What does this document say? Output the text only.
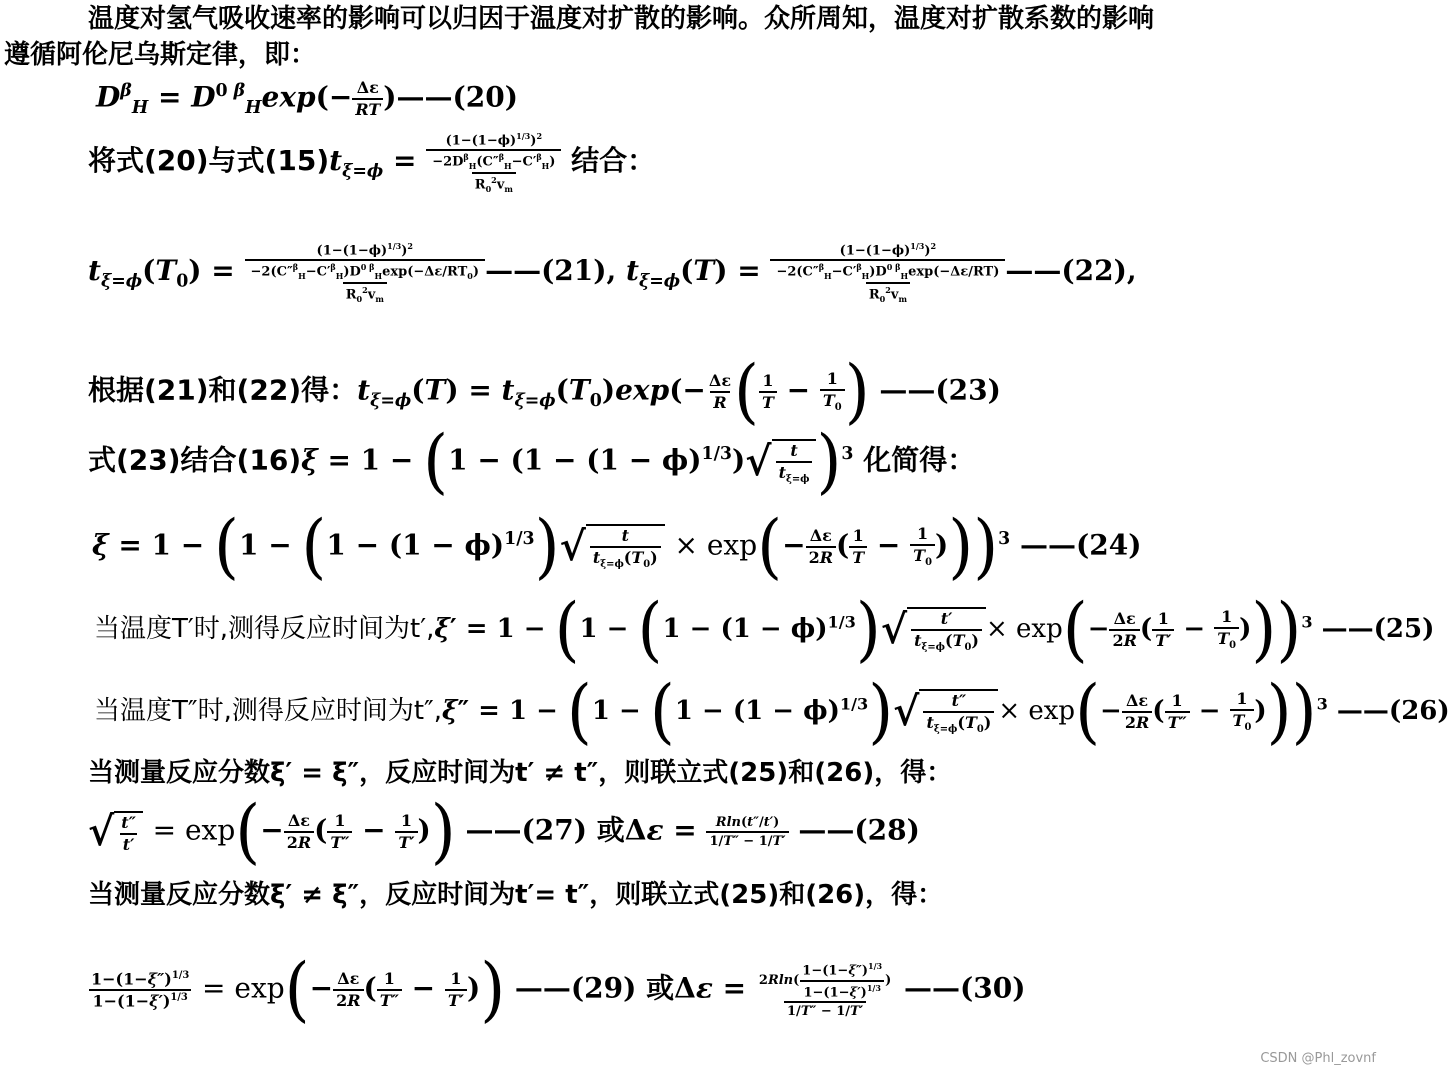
温度对氢气吸收速率的影响可以归因于温度对扩散的影响。众所周知，温度对扩散系数的影响
遵循阿伦尼乌斯定律，即：
$D^\beta_H = D^{0 \beta}_H\exp(- \frac{\Delta\varepsilon}{RT}$ )——(20)
将式(20)与式$(15)t_{\xi=\phi} = \frac{(1-(1-\phi)^{1/3})^2}{\frac{-2D^\beta_H(C''^\beta_H-C'^\beta_H)}{R_0^2v_m}}$ 结合：
$t_{\xi=\phi}(T_0) = \frac{(1-(1-\phi)^{1/3})^2}{\frac{-2(C''^\beta_H-C'^\beta_H)D^{0 \beta}_H\exp(-\Delta\varepsilon/RT_0)}{R_0^2v_m}}$ ——(21), $t_{\xi=\phi}(T) = \frac{(1-(1-\phi)^{1/3})^2}{\frac{-2(C''^\beta_H-C'^\beta_H)D^{0 \beta}_H\exp(-\Delta\varepsilon/RT)}{R_0^2v_m}}$ ——(22),
根据(21)和(22)得：$t_{\xi=\phi}(T) = t_{\xi=\phi}(T_0)\exp(- \frac{\Delta\varepsilon}{R}$ ( $\frac{1}{T} - \frac{1}{T_0}$ ) ——(23)
式(23)结合$(16)\xi = 1 - (1 - (1 - (1 - \phi)^{1/3})√ \frac{t}{t_{\xi=\phi}} )^3$ 化简得：
$\xi = 1 - (1 - (1 - (1 - \phi)^{1/3})√ \frac{t}{t_{\xi=\phi}(T_0)} \times \exp(- \frac{\Delta\varepsilon}{2R}$ ( $\frac{1}{T} - \frac{1}{T_0} )))^3$ ——(24)
当温度T′时,测得反应时间为$t',\xi' = 1 - (1 - (1 - (1 - \phi)^{1/3})√ \frac{t'}{t_{\xi=\phi}(T_0)} \times \exp(- \frac{\Delta\varepsilon}{2R}$ ( $\frac{1}{T'} - \frac{1}{T_0} )))^3$ ——(25)
当温度T″时,测得反应时间为$t'',\xi'' = 1 - (1 - (1 - (1 - \phi)^{1/3})√ \frac{t''}{t_{\xi=\phi}(T_0)} \times \exp(- \frac{\Delta\varepsilon}{2R}$ ( $\frac{1}{T''} - \frac{1}{T_0} )))^3$ ——(26)
当测量反应分数ξ′ = ξ″，反应时间为t′ ≠ t″，则联立式(25)和(26)，得：
√ $\frac{t''}{t'} = \exp(- \frac{\Delta\varepsilon}{2R}$ ( $\frac{1}{T''} - \frac{1}{T'}$ )) ——(27) 或$\Delta\varepsilon = \frac{Rln(t''/t')}{1/T'' - 1/T'}$ ——(28)
当测量反应分数ξ′ ≠ ξ″，反应时间为t′= t″，则联立式(25)和(26)，得：
$\frac{1-(1-\xi'')^{1/3}}{1-(1-\xi')^{1/3}} = \exp(- \frac{\Delta\varepsilon}{2R}$ ( $\frac{1}{T''} - \frac{1}{T'}$ )) ——(29) 或$\Delta\varepsilon = \frac{2Rln( \frac{1-(1-\xi'')^{1/3}}{1-(1-\xi')^{1/3}} )}{1/T'' - 1/T'}$ ——(30)
CSDN @Phl_zovnf
